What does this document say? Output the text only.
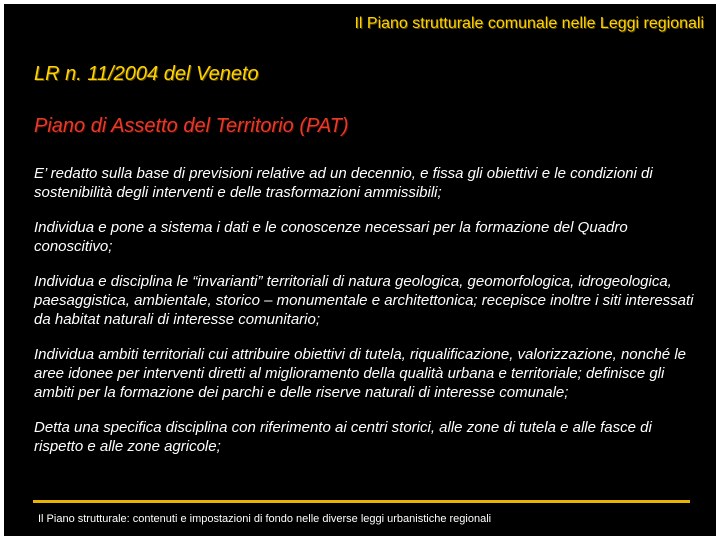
Il Piano strutturale comunale nelle Leggi regionali
LR n. 11/2004 del Veneto
Piano di Assetto del Territorio (PAT)

E’ redatto sulla base di previsioni relative ad un decennio, e fissa gli obiettivi e le condizioni di sostenibilità degli interventi e delle trasformazioni ammissibili;

Individua e pone a sistema i dati e le conoscenze necessari per la formazione del Quadro conoscitivo;

Individua e disciplina le “invarianti” territoriali di natura geologica, geomorfologica, idrogeologica, paesaggistica, ambientale, storico – monumentale e architettonica; recepisce inoltre i siti interessati da habitat naturali di interesse comunitario;

Individua ambiti territoriali cui attribuire obiettivi di tutela, riqualificazione, valorizzazione, nonché le aree idonee per interventi diretti al miglioramento della qualità urbana e territoriale; definisce gli ambiti per la formazione dei parchi e delle riserve naturali di interesse comunale;

Detta una specifica disciplina con riferimento ai centri storici, alle zone di tutela e alle fasce di rispetto e alle zone agricole;

Il Piano strutturale: contenuti e impostazioni di fondo nelle diverse leggi urbanistiche regionali
